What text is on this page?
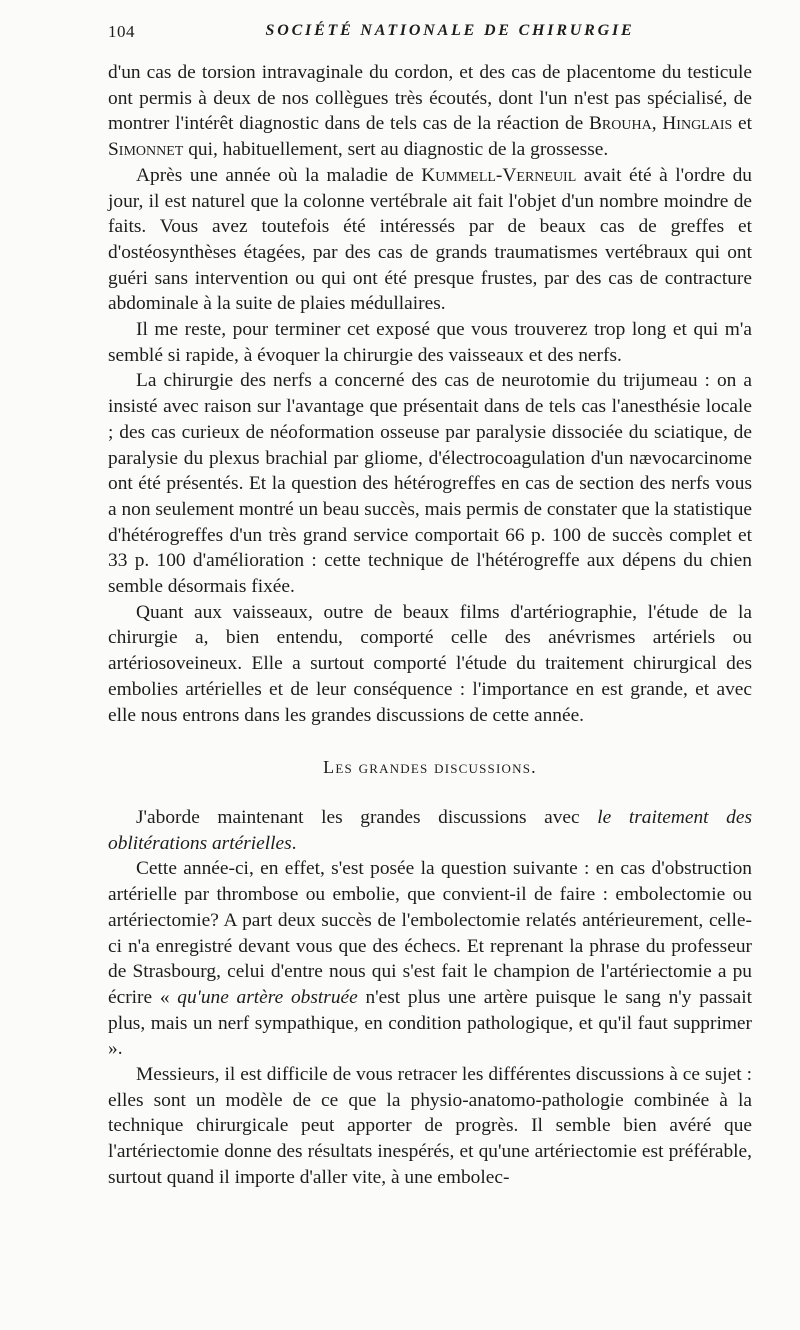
104	SOCIÉTÉ NATIONALE DE CHIRURGIE

d'un cas de torsion intravaginale du cordon, et des cas de placentome du testicule ont permis à deux de nos collègues très écoutés, dont l'un n'est pas spécialisé, de montrer l'intérêt diagnostic dans de tels cas de la réaction de Brouha, Hinglais et Simonnet qui, habituellement, sert au diagnostic de la grossesse.

Après une année où la maladie de Kummell-Verneuil avait été à l'ordre du jour, il est naturel que la colonne vertébrale ait fait l'objet d'un nombre moindre de faits. Vous avez toutefois été intéressés par de beaux cas de greffes et d'ostéosynthèses étagées, par des cas de grands traumatismes vertébraux qui ont guéri sans intervention ou qui ont été presque frustes, par des cas de contracture abdominale à la suite de plaies médullaires.

Il me reste, pour terminer cet exposé que vous trouverez trop long et qui m'a semblé si rapide, à évoquer la chirurgie des vaisseaux et des nerfs.

La chirurgie des nerfs a concerné des cas de neurotomie du trijumeau : on a insisté avec raison sur l'avantage que présentait dans de tels cas l'anesthésie locale ; des cas curieux de néoformation osseuse par paralysie dissociée du sciatique, de paralysie du plexus brachial par gliome, d'électrocoagulation d'un nævocarcinome ont été présentés. Et la question des hétérogreffes en cas de section des nerfs vous a non seulement montré un beau succès, mais permis de constater que la statistique d'hétérogreffes d'un très grand service comportait 66 p. 100 de succès complet et 33 p. 100 d'amélioration : cette technique de l'hétérogreffe aux dépens du chien semble désormais fixée.

Quant aux vaisseaux, outre de beaux films d'artériographie, l'étude de la chirurgie a, bien entendu, comporté celle des anévrismes artériels ou artériosoveineux. Elle a surtout comporté l'étude du traitement chirurgical des embolies artérielles et de leur conséquence : l'importance en est grande, et avec elle nous entrons dans les grandes discussions de cette année.

Les grandes discussions.

J'aborde maintenant les grandes discussions avec le traitement des oblitérations artérielles.

Cette année-ci, en effet, s'est posée la question suivante : en cas d'obstruction artérielle par thrombose ou embolie, que convient-il de faire : embolectomie ou artériectomie? A part deux succès de l'embolectomie relatés antérieurement, celle-ci n'a enregistré devant vous que des échecs. Et reprenant la phrase du professeur de Strasbourg, celui d'entre nous qui s'est fait le champion de l'artériectomie a pu écrire « qu'une artère obstruée n'est plus une artère puisque le sang n'y passait plus, mais un nerf sympathique, en condition pathologique, et qu'il faut supprimer ».

Messieurs, il est difficile de vous retracer les différentes discussions à ce sujet : elles sont un modèle de ce que la physio-anatomo-pathologie combinée à la technique chirurgicale peut apporter de progrès. Il semble bien avéré que l'artériectomie donne des résultats inespérés, et qu'une artériectomie est préférable, surtout quand il importe d'aller vite, à une embolec-
